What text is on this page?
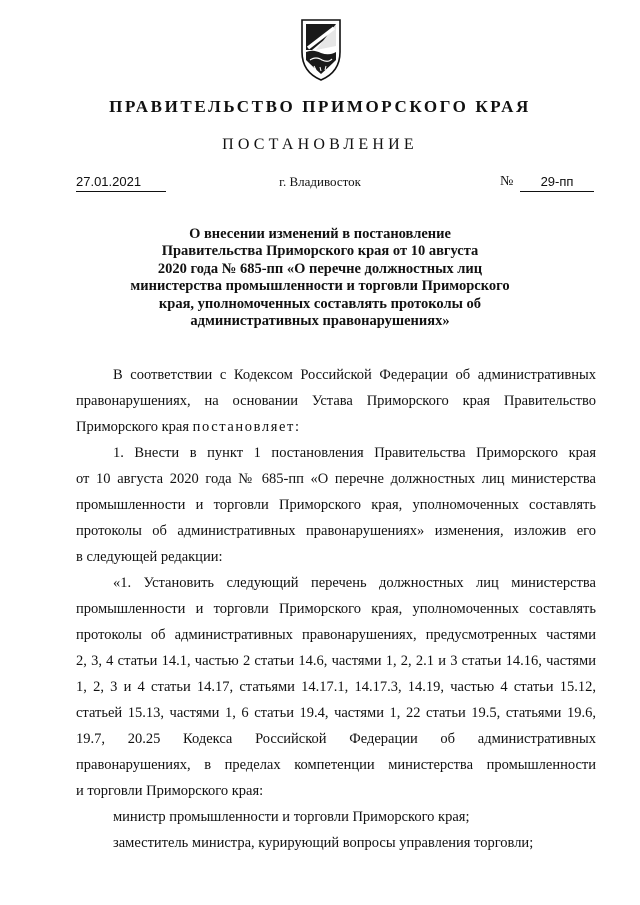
ПРАВИТЕЛЬСТВО ПРИМОРСКОГО КРАЯ
ПОСТАНОВЛЕНИЕ
27.01.2021	г. Владивосток	№	29-пп
О внесении изменений в постановление
Правительства Приморского края от 10 августа
2020 года № 685-пп «О перечне должностных лиц
министерства промышленности и торговли Приморского
края, уполномоченных составлять протоколы об
административных правонарушениях»
В соответствии с Кодексом Российской Федерации об административных
правонарушениях, на основании Устава Приморского края Правительство
Приморского края постановляет:
1. Внести в пункт 1 постановления Правительства Приморского края
от 10 августа 2020 года № 685-пп «О перечне должностных лиц министерства
промышленности и торговли Приморского края, уполномоченных составлять
протоколы об административных правонарушениях» изменения, изложив его
в следующей редакции:
«1. Установить следующий перечень должностных лиц министерства
промышленности и торговли Приморского края, уполномоченных составлять
протоколы об административных правонарушениях, предусмотренных частями
2, 3, 4 статьи 14.1, частью 2 статьи 14.6, частями 1, 2, 2.1 и 3 статьи 14.16, частями
1, 2, 3 и 4 статьи 14.17, статьями 14.17.1, 14.17.3, 14.19, частью 4 статьи 15.12,
статьей 15.13, частями 1, 6 статьи 19.4, частями 1, 22 статьи 19.5, статьями 19.6,
19.7, 20.25 Кодекса Российской Федерации об административных
правонарушениях, в пределах компетенции министерства промышленности
и торговли Приморского края:
министр промышленности и торговли Приморского края;
заместитель министра, курирующий вопросы управления торговли;
